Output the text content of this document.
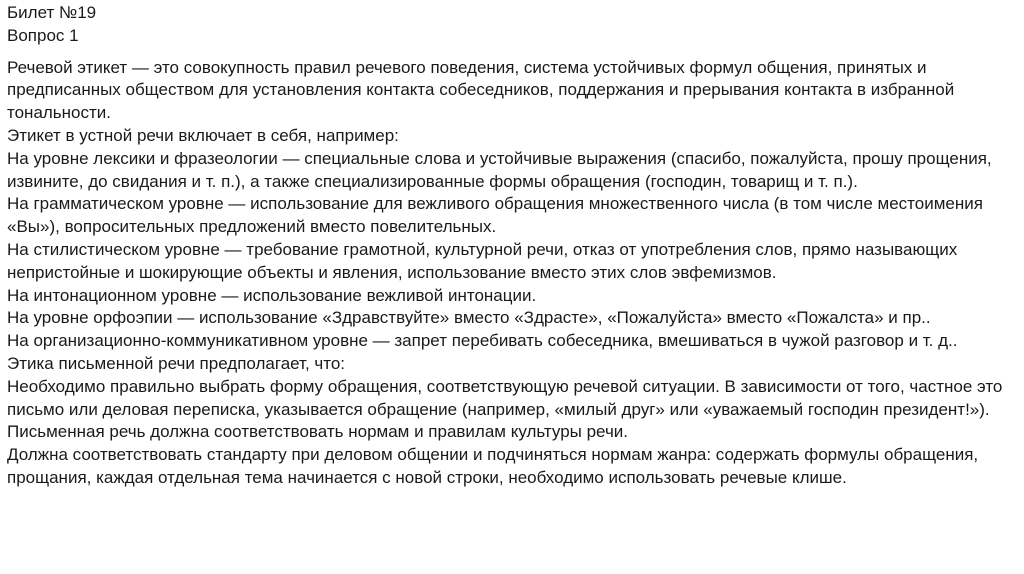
Билет №19
Вопрос 1

Речевой этикет — это совокупность правил речевого поведения, система устойчивых формул общения, принятых и предписанных обществом для установления контакта собеседников, поддержания и прерывания контакта в избранной тональности.

Этикет в устной речи включает в себя, например:

На уровне лексики и фразеологии — специальные слова и устойчивые выражения (спасибо, пожалуйста, прошу прощения, извините, до свидания и т. п.), а также специализированные формы обращения (господин, товарищ и т. п.).

На грамматическом уровне — использование для вежливого обращения множественного числа (в том числе местоимения «Вы»), вопросительных предложений вместо повелительных.

На стилистическом уровне — требование грамотной, культурной речи, отказ от употребления слов, прямо называющих непристойные и шокирующие объекты и явления, использование вместо этих слов эвфемизмов.

На интонационном уровне — использование вежливой интонации.

На уровне орфоэпии — использование «Здравствуйте» вместо «Здрасте», «Пожалуйста» вместо «Пожалста» и пр..

На организационно-коммуникативном уровне — запрет перебивать собеседника, вмешиваться в чужой разговор и т. д..

Этика письменной речи предполагает, что:

Необходимо правильно выбрать форму обращения, соответствующую речевой ситуации. В зависимости от того, частное это письмо или деловая переписка, указывается обращение (например, «милый друг» или «уважаемый господин президент!»).

Письменная речь должна соответствовать нормам и правилам культуры речи.

Должна соответствовать стандарту при деловом общении и подчиняться нормам жанра: содержать формулы обращения, прощания, каждая отдельная тема начинается с новой строки, необходимо использовать речевые клише.
